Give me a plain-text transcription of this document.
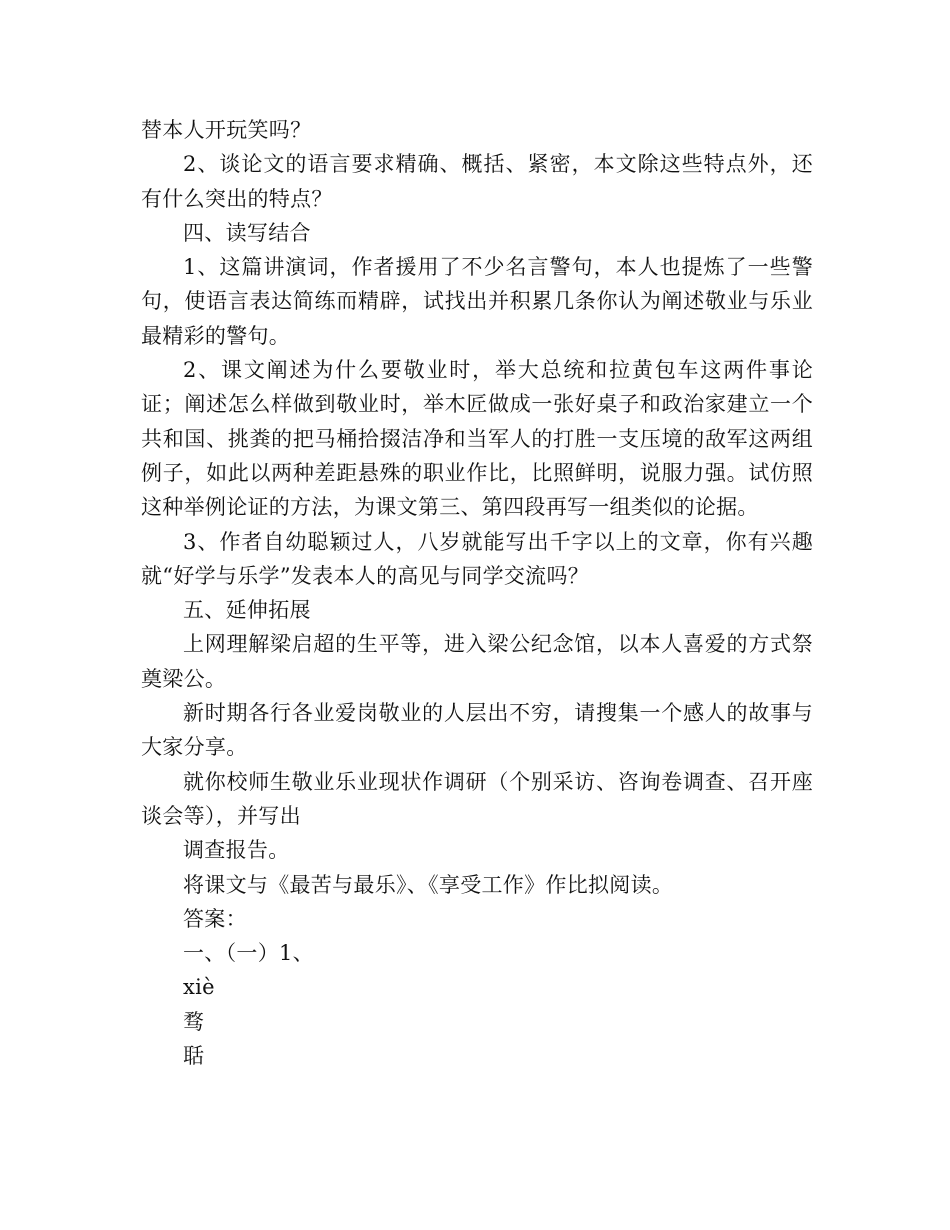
替本人开玩笑吗？

2、谈论文的语言要求精确、概括、紧密，本文除这些特点外，还有什么突出的特点？

四、读写结合

1、这篇讲演词，作者援用了不少名言警句，本人也提炼了一些警句，使语言表达简练而精辟，试找出并积累几条你认为阐述敬业与乐业最精彩的警句。

2、课文阐述为什么要敬业时，举大总统和拉黄包车这两件事论证；阐述怎么样做到敬业时，举木匠做成一张好桌子和政治家建立一个共和国、挑粪的把马桶拾掇洁净和当军人的打胜一支压境的敌军这两组例子，如此以两种差距悬殊的职业作比，比照鲜明，说服力强。试仿照这种举例论证的方法，为课文第三、第四段再写一组类似的论据。

3、作者自幼聪颖过人，八岁就能写出千字以上的文章，你有兴趣就“好学与乐学”发表本人的高见与同学交流吗？

五、延伸拓展

上网理解梁启超的生平等，进入梁公纪念馆，以本人喜爱的方式祭奠梁公。

新时期各行各业爱岗敬业的人层出不穷，请搜集一个感人的故事与大家分享。

就你校师生敬业乐业现状作调研（个别采访、咨询卷调查、召开座谈会等），并写出

调查报告。

将课文与《最苦与最乐》、《享受工作》作比拟阅读。

答案：

一、（一）1、

xiè

骛

聒
